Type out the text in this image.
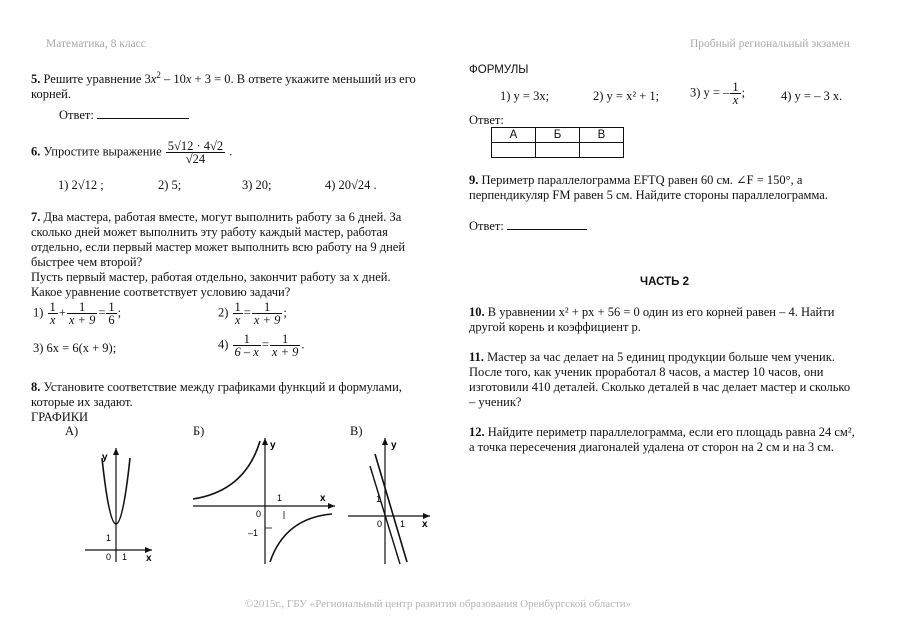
Математика, 8 класс	Пробный региональный экзамен
5. Решите уравнение $3x^2 - 10x + 3 = 0$. В ответе укажите меньший из его
корней.
Ответ:
6. Упростите выражение $\frac{5√12 \cdot 4√2}{√24}$ .
1) 2√12 ;	2) 5;	3) 20;	4) 20√24 .
7. Два мастера, работая вместе, могут выполнить работу за 6 дней. За
сколько дней может выполнить эту работу каждый мастер, работая
отдельно, если первый мастер может выполнить всю работу на 9 дней
быстрее чем второй?
Пусть первый мастер, работая отдельно, закончит работу за x дней.
Какое уравнение соответствует условию задачи?
$1) \frac{1}{x} + \frac{1}{x + 9} = \frac{1}{6}$ ;	$2) \frac{1}{x} = \frac{1}{x + 9}$ ;
3) 6x = 6(x + 9);	$4) \frac{1}{6 - x} = \frac{1}{x + 9}$ .
8. Установите соответствие между графиками функций и формулами,
которые их задают.
ГРАФИКИ
А)	Б)	В)
y
x
1
0 1
y
x
1
0
–1
y
x
1
0 1
ФОРМУЛЫ
1) y = 3x;	2) y = x² + 1; 3) y = – $\frac{1}{x}$ ;	4) y = – 3 x.
Ответ:
А	Б	В

9. Периметр параллелограмма EFTQ равен 60 см. ∠F = 150°, а
перпендикуляр FM равен 5 см. Найдите стороны параллелограмма.
Ответ:
ЧАСТЬ 2
10. В уравнении x² + px + 56 = 0 один из его корней равен – 4. Найти
другой корень и коэффициент p.
11. Мастер за час делает на 5 единиц продукции больше чем ученик.
После того, как ученик проработал 8 часов, а мастер 10 часов, они
изготовили 410 деталей. Сколько деталей в час делает мастер и сколько
– ученик?
12. Найдите периметр параллелограмма, если его площадь равна 24 см²,
а точка пересечения диагоналей удалена от сторон на 2 см и на 3 см.
©2015г., ГБУ «Региональный центр развития образования Оренбургской области»
